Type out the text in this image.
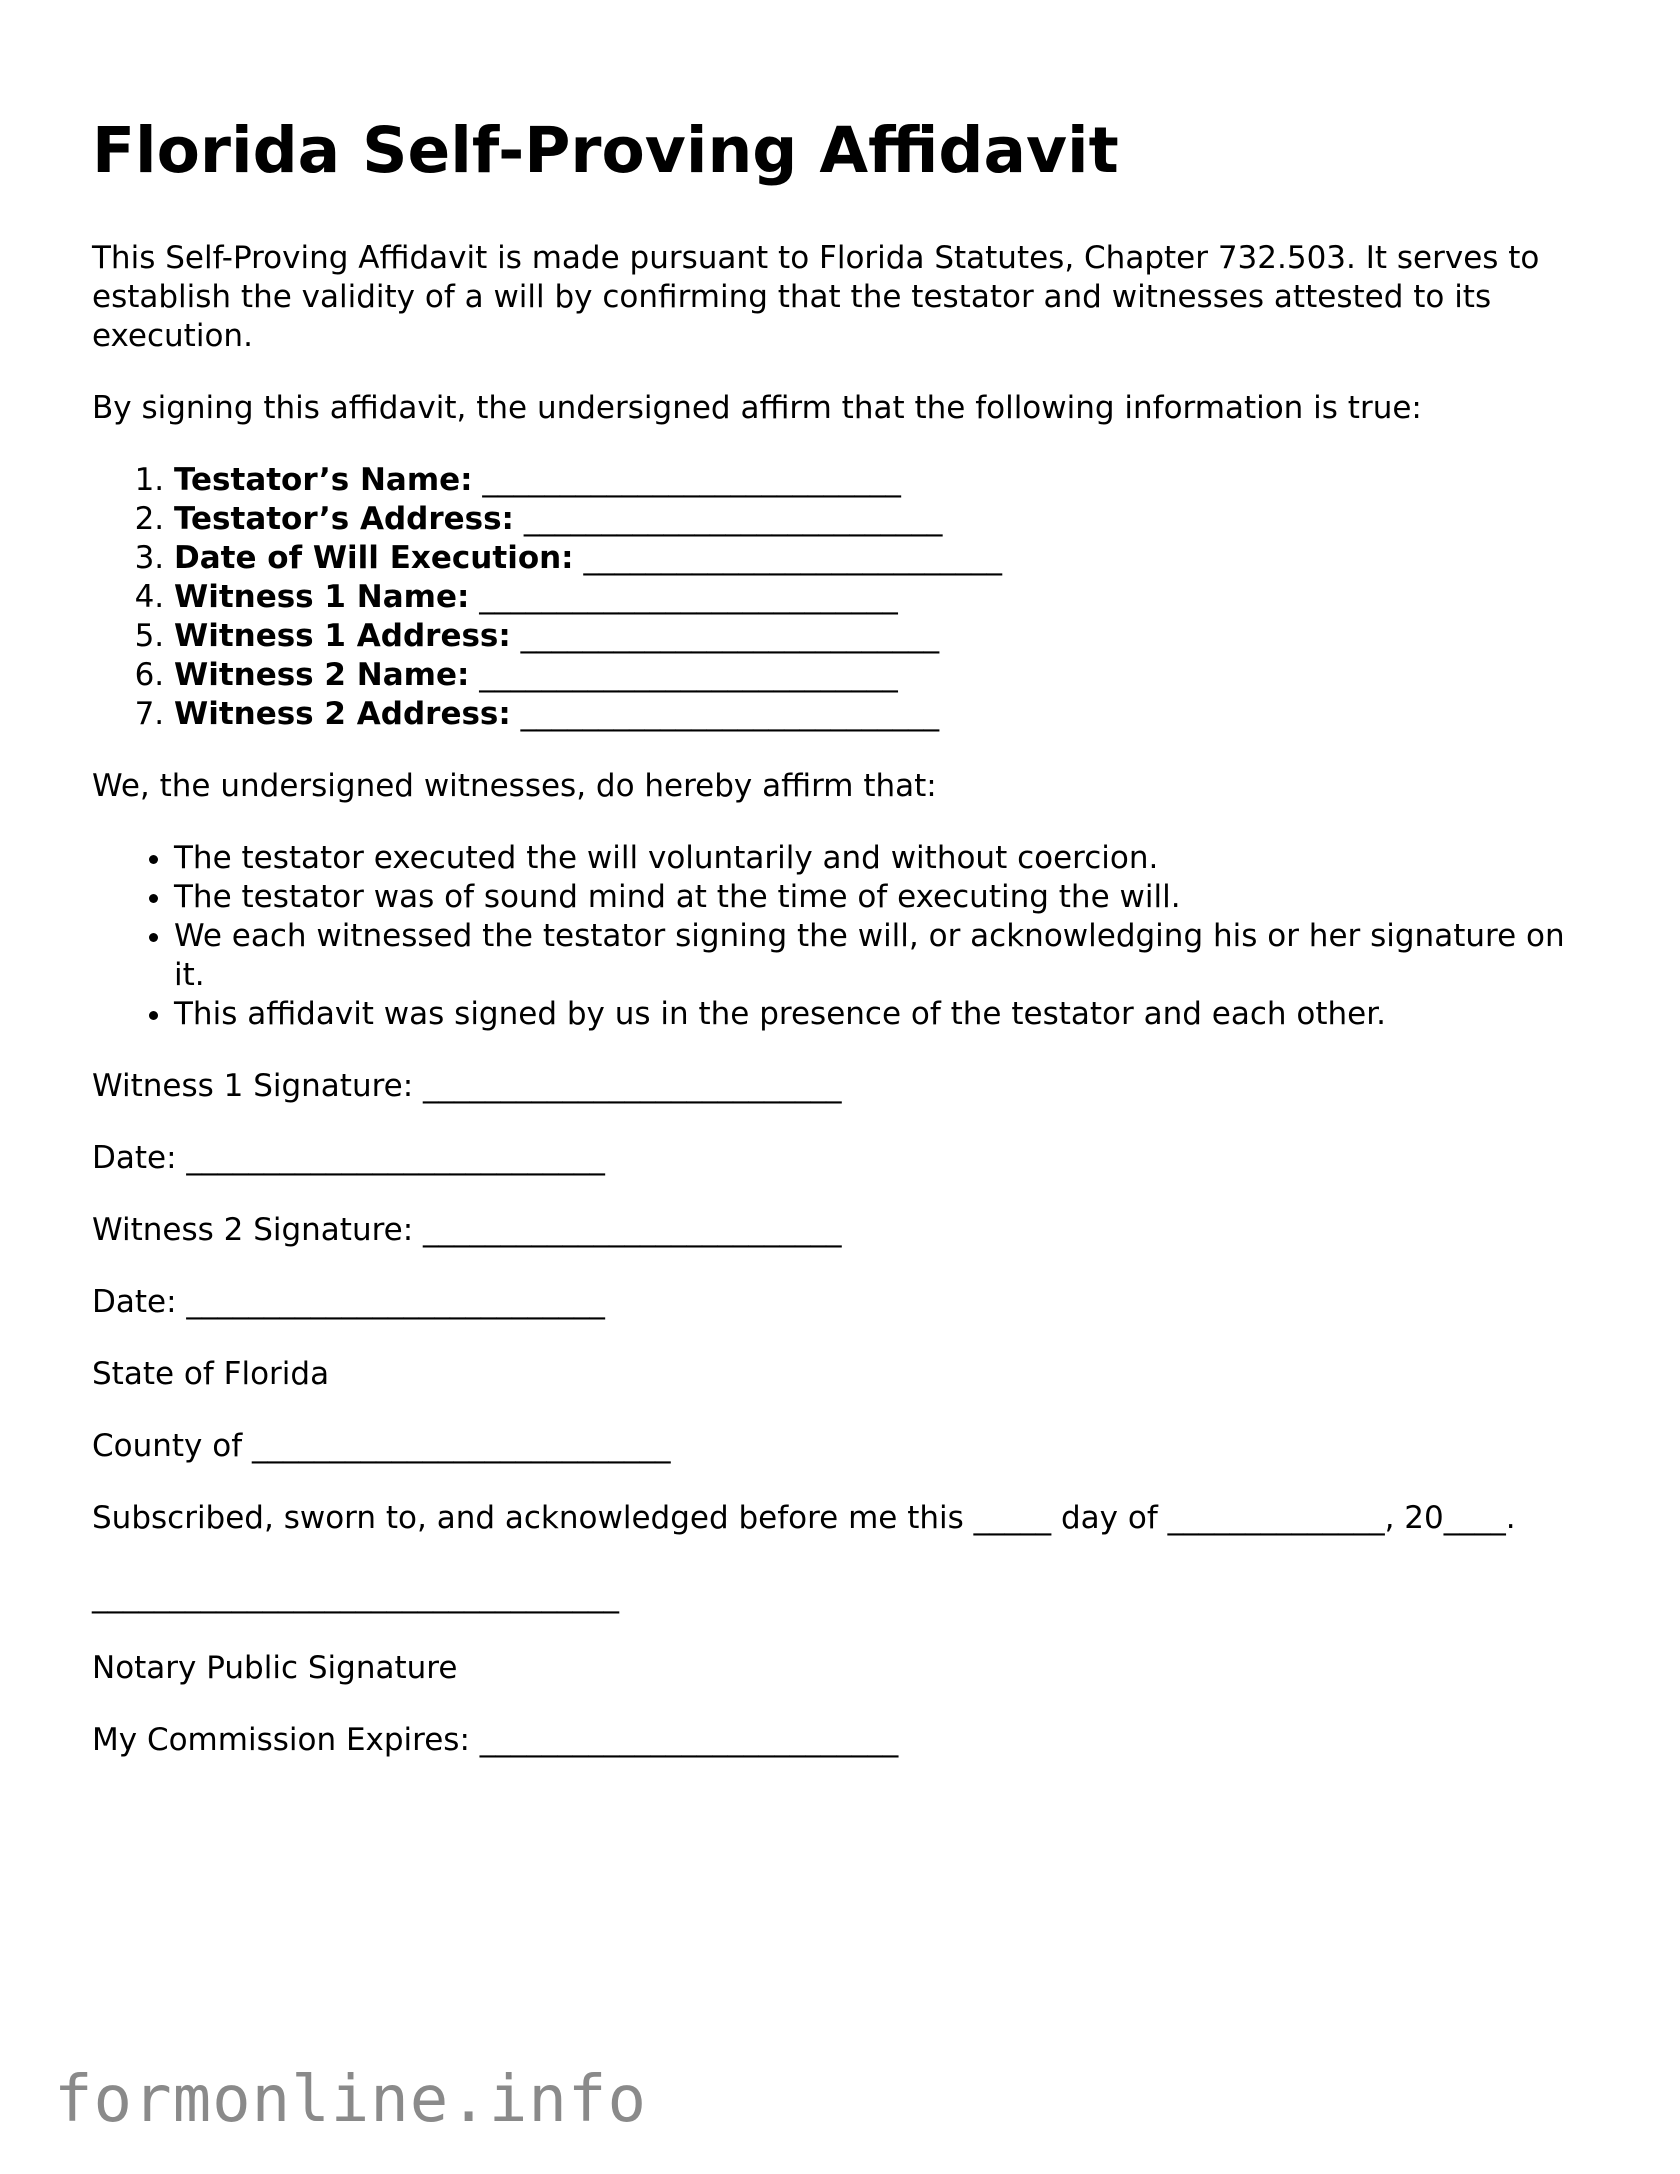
Florida Self-Proving Affidavit

This Self-Proving Affidavit is made pursuant to Florida Statutes, Chapter 732.503. It serves to establish the validity of a will by confirming that the testator and witnesses attested to its execution.

By signing this affidavit, the undersigned affirm that the following information is true:

1. Testator’s Name: ___________________________
2. Testator’s Address: ___________________________
3. Date of Will Execution: ___________________________
4. Witness 1 Name: ___________________________
5. Witness 1 Address: ___________________________
6. Witness 2 Name: ___________________________
7. Witness 2 Address: ___________________________

We, the undersigned witnesses, do hereby affirm that:

• The testator executed the will voluntarily and without coercion.
• The testator was of sound mind at the time of executing the will.
• We each witnessed the testator signing the will, or acknowledging his or her signature on it.
• This affidavit was signed by us in the presence of the testator and each other.

Witness 1 Signature: ___________________________

Date: ___________________________

Witness 2 Signature: ___________________________

Date: ___________________________

State of Florida

County of ___________________________

Subscribed, sworn to, and acknowledged before me this _____ day of ______________, 20____.

__________________________________

Notary Public Signature

My Commission Expires: ___________________________

formonline.info
